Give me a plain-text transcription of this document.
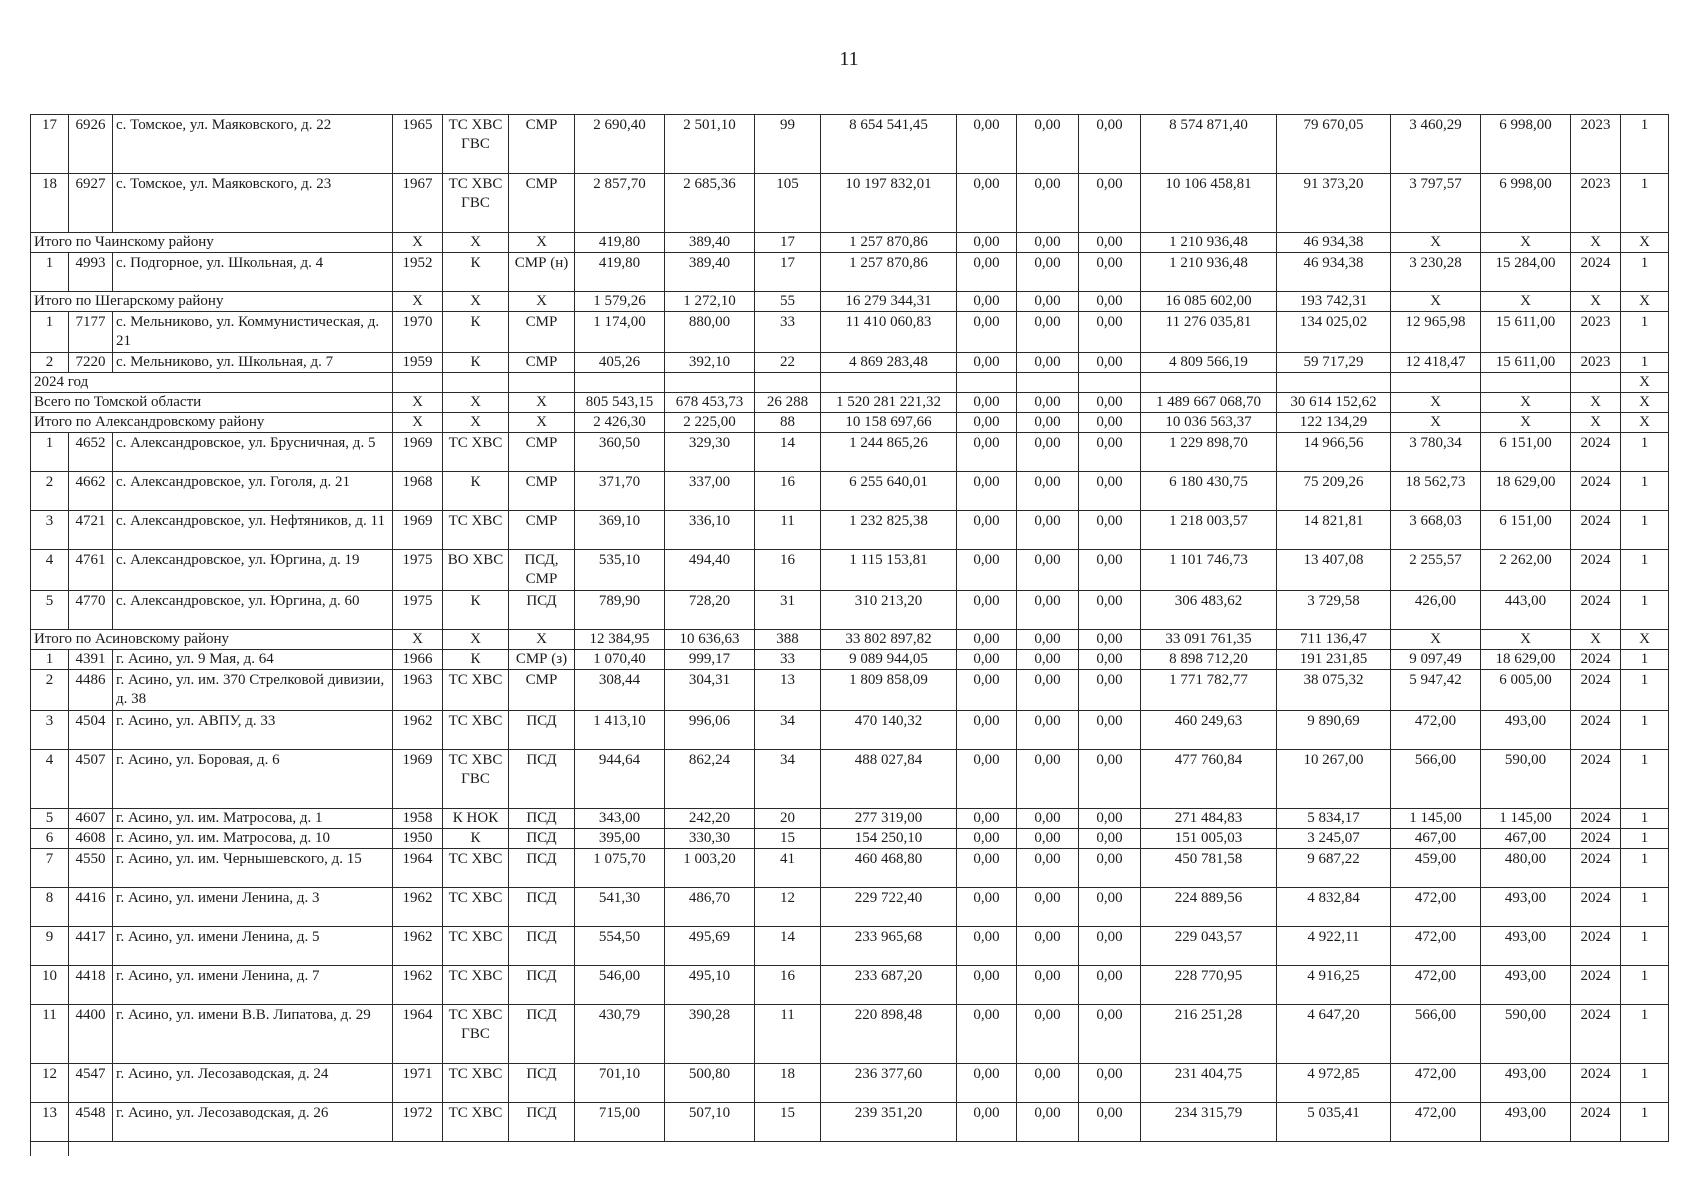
11
17	6926	с. Томское, ул. Маяковского, д. 22	1965	ТС ХВС ГВС	СМР	2 690,40	2 501,10	99	8 654 541,45	0,00	0,00	0,00	8 574 871,40	79 670,05	3 460,29	6 998,00	2023	1
18	6927	с. Томское, ул. Маяковского, д. 23	1967	ТС ХВС ГВС	СМР	2 857,70	2 685,36	105	10 197 832,01	0,00	0,00	0,00	10 106 458,81	91 373,20	3 797,57	6 998,00	2023	1
Итого по Чаинскому району			X	X	X	419,80	389,40	17	1 257 870,86	0,00	0,00	0,00	1 210 936,48	46 934,38	X	X	X	X
1	4993	с. Подгорное, ул. Школьная, д. 4	1952	К	СМР (н)	419,80	389,40	17	1 257 870,86	0,00	0,00	0,00	1 210 936,48	46 934,38	3 230,28	15 284,00	2024	1
Итого по Шегарскому району			X	X	X	1 579,26	1 272,10	55	16 279 344,31	0,00	0,00	0,00	16 085 602,00	193 742,31	X	X	X	X
1	7177	с. Мельниково, ул. Коммунистическая, д. 21	1970	К	СМР	1 174,00	880,00	33	11 410 060,83	0,00	0,00	0,00	11 276 035,81	134 025,02	12 965,98	15 611,00	2023	1
2	7220	с. Мельниково, ул. Школьная, д. 7	1959	К	СМР	405,26	392,10	22	4 869 283,48	0,00	0,00	0,00	4 809 566,19	59 717,29	12 418,47	15 611,00	2023	1
2024 год																		X
Всего по Томской области			X	X	X	805 543,15	678 453,73	26 288	1 520 281 221,32	0,00	0,00	0,00	1 489 667 068,70	30 614 152,62	X	X	X	X
Итого по Александровскому району			X	X	X	2 426,30	2 225,00	88	10 158 697,66	0,00	0,00	0,00	10 036 563,37	122 134,29	X	X	X	X
1	4652	с. Александровское, ул. Брусничная, д. 5	1969	ТС ХВС	СМР	360,50	329,30	14	1 244 865,26	0,00	0,00	0,00	1 229 898,70	14 966,56	3 780,34	6 151,00	2024	1
2	4662	с. Александровское, ул. Гоголя, д. 21	1968	К	СМР	371,70	337,00	16	6 255 640,01	0,00	0,00	0,00	6 180 430,75	75 209,26	18 562,73	18 629,00	2024	1
3	4721	с. Александровское, ул. Нефтяников, д. 11	1969	ТС ХВС	СМР	369,10	336,10	11	1 232 825,38	0,00	0,00	0,00	1 218 003,57	14 821,81	3 668,03	6 151,00	2024	1
4	4761	с. Александровское, ул. Юргина, д. 19	1975	ВО ХВС	ПСД, СМР	535,10	494,40	16	1 115 153,81	0,00	0,00	0,00	1 101 746,73	13 407,08	2 255,57	2 262,00	2024	1
5	4770	с. Александровское, ул. Юргина, д. 60	1975	К	ПСД	789,90	728,20	31	310 213,20	0,00	0,00	0,00	306 483,62	3 729,58	426,00	443,00	2024	1
Итого по Асиновскому району			X	X	X	12 384,95	10 636,63	388	33 802 897,82	0,00	0,00	0,00	33 091 761,35	711 136,47	X	X	X	X
1	4391	г. Асино, ул. 9 Мая, д. 64	1966	К	СМР (з)	1 070,40	999,17	33	9 089 944,05	0,00	0,00	0,00	8 898 712,20	191 231,85	9 097,49	18 629,00	2024	1
2	4486	г. Асино, ул. им. 370 Стрелковой дивизии, д. 38	1963	ТС ХВС	СМР	308,44	304,31	13	1 809 858,09	0,00	0,00	0,00	1 771 782,77	38 075,32	5 947,42	6 005,00	2024	1
3	4504	г. Асино, ул. АВПУ, д. 33	1962	ТС ХВС	ПСД	1 413,10	996,06	34	470 140,32	0,00	0,00	0,00	460 249,63	9 890,69	472,00	493,00	2024	1
4	4507	г. Асино, ул. Боровая, д. 6	1969	ТС ХВС ГВС	ПСД	944,64	862,24	34	488 027,84	0,00	0,00	0,00	477 760,84	10 267,00	566,00	590,00	2024	1
5	4607	г. Асино, ул. им. Матросова, д. 1	1958	К НОК	ПСД	343,00	242,20	20	277 319,00	0,00	0,00	0,00	271 484,83	5 834,17	1 145,00	1 145,00	2024	1
6	4608	г. Асино, ул. им. Матросова, д. 10	1950	К	ПСД	395,00	330,30	15	154 250,10	0,00	0,00	0,00	151 005,03	3 245,07	467,00	467,00	2024	1
7	4550	г. Асино, ул. им. Чернышевского, д. 15	1964	ТС ХВС	ПСД	1 075,70	1 003,20	41	460 468,80	0,00	0,00	0,00	450 781,58	9 687,22	459,00	480,00	2024	1
8	4416	г. Асино, ул. имени Ленина, д. 3	1962	ТС ХВС	ПСД	541,30	486,70	12	229 722,40	0,00	0,00	0,00	224 889,56	4 832,84	472,00	493,00	2024	1
9	4417	г. Асино, ул. имени Ленина, д. 5	1962	ТС ХВС	ПСД	554,50	495,69	14	233 965,68	0,00	0,00	0,00	229 043,57	4 922,11	472,00	493,00	2024	1
10	4418	г. Асино, ул. имени Ленина, д. 7	1962	ТС ХВС	ПСД	546,00	495,10	16	233 687,20	0,00	0,00	0,00	228 770,95	4 916,25	472,00	493,00	2024	1
11	4400	г. Асино, ул. имени В.В. Липатова, д. 29	1964	ТС ХВС ГВС	ПСД	430,79	390,28	11	220 898,48	0,00	0,00	0,00	216 251,28	4 647,20	566,00	590,00	2024	1
12	4547	г. Асино, ул. Лесозаводская, д. 24	1971	ТС ХВС	ПСД	701,10	500,80	18	236 377,60	0,00	0,00	0,00	231 404,75	4 972,85	472,00	493,00	2024	1
13	4548	г. Асино, ул. Лесозаводская, д. 26	1972	ТС ХВС	ПСД	715,00	507,10	15	239 351,20	0,00	0,00	0,00	234 315,79	5 035,41	472,00	493,00	2024	1
